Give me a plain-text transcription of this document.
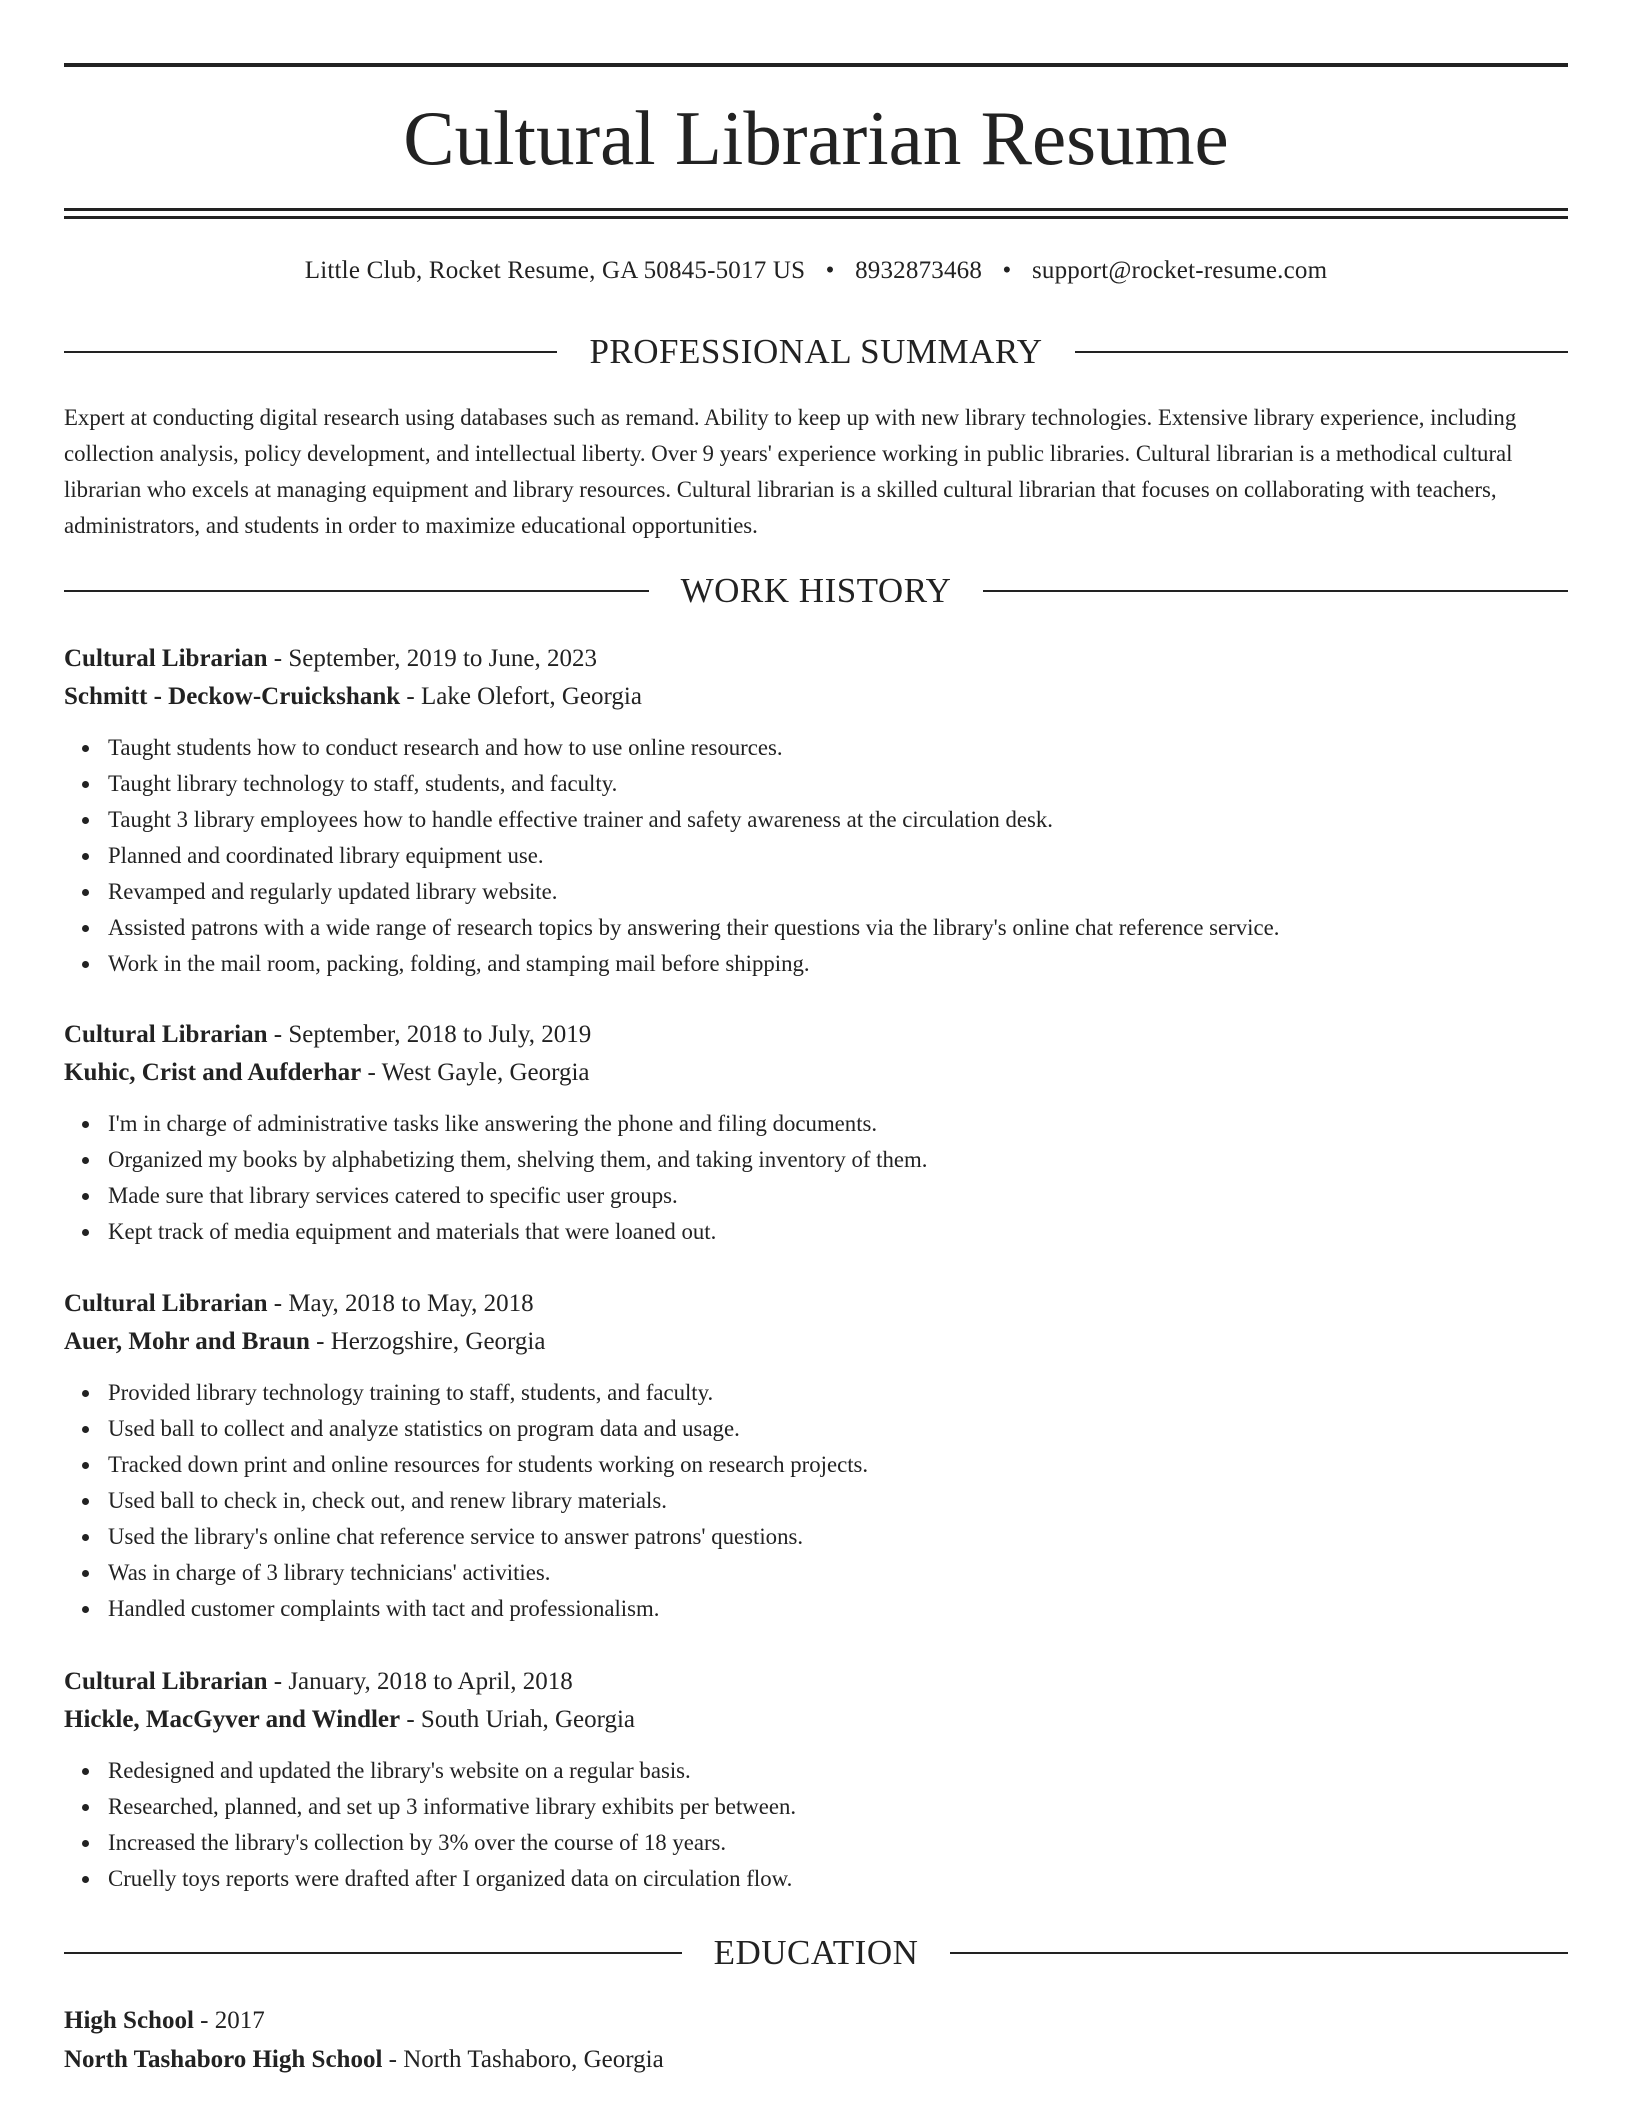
Cultural Librarian Resume
Little Club, Rocket Resume, GA 50845-5017 US • 8932873468 • support@rocket-resume.com
PROFESSIONAL SUMMARY

Expert at conducting digital research using databases such as remand. Ability to keep up with new library technologies. Extensive library experience, including collection analysis, policy development, and intellectual liberty. Over 9 years' experience working in public libraries. Cultural librarian is a methodical cultural librarian who excels at managing equipment and library resources. Cultural librarian is a skilled cultural librarian that focuses on collaborating with teachers, administrators, and students in order to maximize educational opportunities.

WORK HISTORY
Cultural Librarian - September, 2019 to June, 2023
Schmitt - Deckow-Cruickshank - Lake Olefort, Georgia
Taught students how to conduct research and how to use online resources.
Taught library technology to staff, students, and faculty.
Taught 3 library employees how to handle effective trainer and safety awareness at the circulation desk.
Planned and coordinated library equipment use.
Revamped and regularly updated library website.
Assisted patrons with a wide range of research topics by answering their questions via the library's online chat reference service.
Work in the mail room, packing, folding, and stamping mail before shipping.
Cultural Librarian - September, 2018 to July, 2019
Kuhic, Crist and Aufderhar - West Gayle, Georgia
I'm in charge of administrative tasks like answering the phone and filing documents.
Organized my books by alphabetizing them, shelving them, and taking inventory of them.
Made sure that library services catered to specific user groups.
Kept track of media equipment and materials that were loaned out.
Cultural Librarian - May, 2018 to May, 2018
Auer, Mohr and Braun - Herzogshire, Georgia
Provided library technology training to staff, students, and faculty.
Used ball to collect and analyze statistics on program data and usage.
Tracked down print and online resources for students working on research projects.
Used ball to check in, check out, and renew library materials.
Used the library's online chat reference service to answer patrons' questions.
Was in charge of 3 library technicians' activities.
Handled customer complaints with tact and professionalism.
Cultural Librarian - January, 2018 to April, 2018
Hickle, MacGyver and Windler - South Uriah, Georgia
Redesigned and updated the library's website on a regular basis.
Researched, planned, and set up 3 informative library exhibits per between.
Increased the library's collection by 3% over the course of 18 years.
Cruelly toys reports were drafted after I organized data on circulation flow.
EDUCATION
High School - 2017
North Tashaboro High School - North Tashaboro, Georgia
